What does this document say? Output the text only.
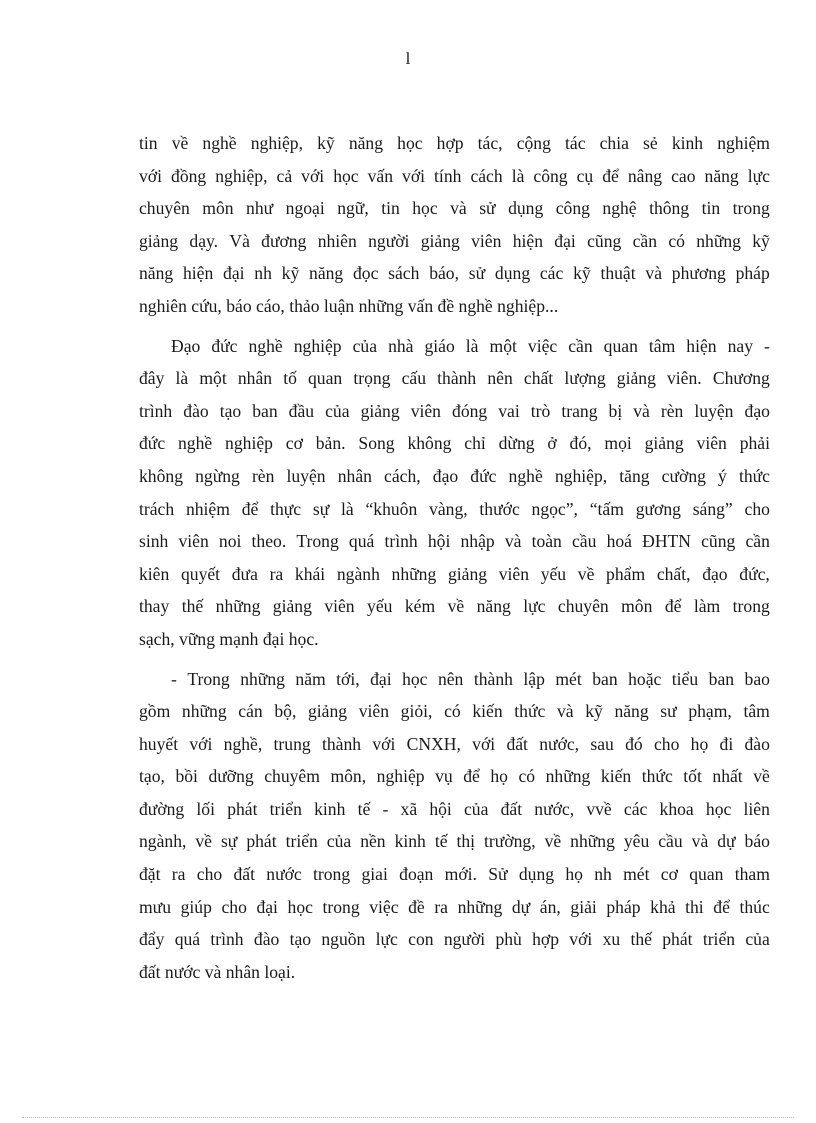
l

tin về nghề nghiệp, kỹ năng học hợp tác, cộng tác chia sẻ kinh nghiệm
với đồng nghiệp, cả với học vấn với tính cách là công cụ để nâng cao năng lực
chuyên môn như ngoại ngữ, tin học và sử dụng công nghệ thông tin trong
giảng dạy. Và đương nhiên người giảng viên hiện đại cũng cần có những kỹ
năng hiện đại nh kỹ năng đọc sách báo, sử dụng các kỹ thuật và phương pháp
nghiên cứu, báo cáo, thảo luận những vấn đề nghề nghiệp...

Đạo đức nghề nghiệp của nhà giáo là một việc cần quan tâm hiện nay -
đây là một nhân tố quan trọng cấu thành nên chất lượng giảng viên. Chương
trình đào tạo ban đầu của giảng viên đóng vai trò trang bị và rèn luyện đạo
đức nghề nghiệp cơ bản. Song không chỉ dừng ở đó, mọi giảng viên phải
không ngừng rèn luyện nhân cách, đạo đức nghề nghiệp, tăng cường ý thức
trách nhiệm để thực sự là “khuôn vàng, thước ngọc”, “tấm gương sáng” cho
sinh viên noi theo. Trong quá trình hội nhập và toàn cầu hoá ĐHTN cũng cần
kiên quyết đưa ra khái ngành những giảng viên yếu về phẩm chất, đạo đức,
thay thế những giảng viên yếu kém về năng lực chuyên môn để làm trong
sạch, vững mạnh đại học.

- Trong những năm tới, đại học nên thành lập mét ban hoặc tiểu ban bao
gồm những cán bộ, giảng viên giỏi, có kiến thức và kỹ năng sư phạm, tâm
huyết với nghề, trung thành với CNXH, với đất nước, sau đó cho họ đi đào
tạo, bồi dưỡng chuyêm môn, nghiệp vụ để họ có những kiến thức tốt nhất về
đường lối phát triển kinh tế - xã hội của đất nước, vvề các khoa học liên
ngành, về sự phát triển của nền kinh tế thị trường, về những yêu cầu và dự báo
đặt ra cho đất nước trong giai đoạn mới. Sử dụng họ nh mét cơ quan tham
mưu giúp cho đại học trong việc đề ra những dự án, giải pháp khả thi để thúc
đẩy quá trình đào tạo nguồn lực con người phù hợp với xu thế phát triển của
đất nước và nhân loại.
